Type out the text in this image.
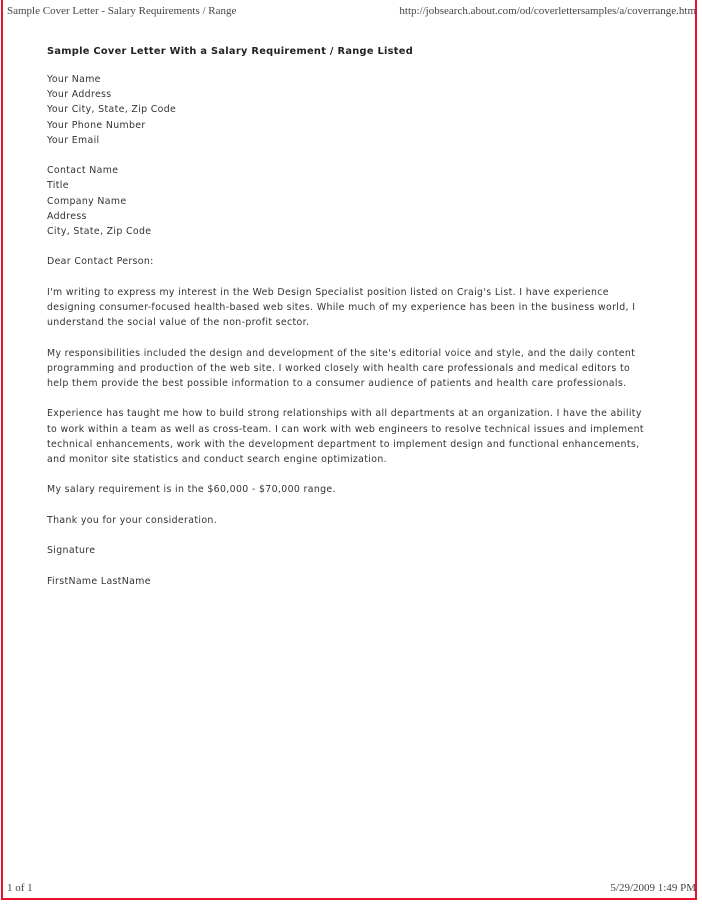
Sample Cover Letter - Salary Requirements / Range	http://jobsearch.about.com/od/coverlettersamples/a/coverrange.htm
Sample Cover Letter With a Salary Requirement / Range Listed
Your Name
Your Address
Your City, State, Zip Code
Your Phone Number
Your Email
Contact Name
Title
Company Name
Address
City, State, Zip Code
Dear Contact Person:
I'm writing to express my interest in the Web Design Specialist position listed on Craig's List. I have experience
designing consumer-focused health-based web sites. While much of my experience has been in the business world, I
understand the social value of the non-profit sector.
My responsibilities included the design and development of the site's editorial voice and style, and the daily content
programming and production of the web site. I worked closely with health care professionals and medical editors to
help them provide the best possible information to a consumer audience of patients and health care professionals.
Experience has taught me how to build strong relationships with all departments at an organization. I have the ability
to work within a team as well as cross-team. I can work with web engineers to resolve technical issues and implement
technical enhancements, work with the development department to implement design and functional enhancements,
and monitor site statistics and conduct search engine optimization.
My salary requirement is in the $60,000 - $70,000 range.
Thank you for your consideration.
Signature
FirstName LastName
1 of 1	5/29/2009 1:49 PM
